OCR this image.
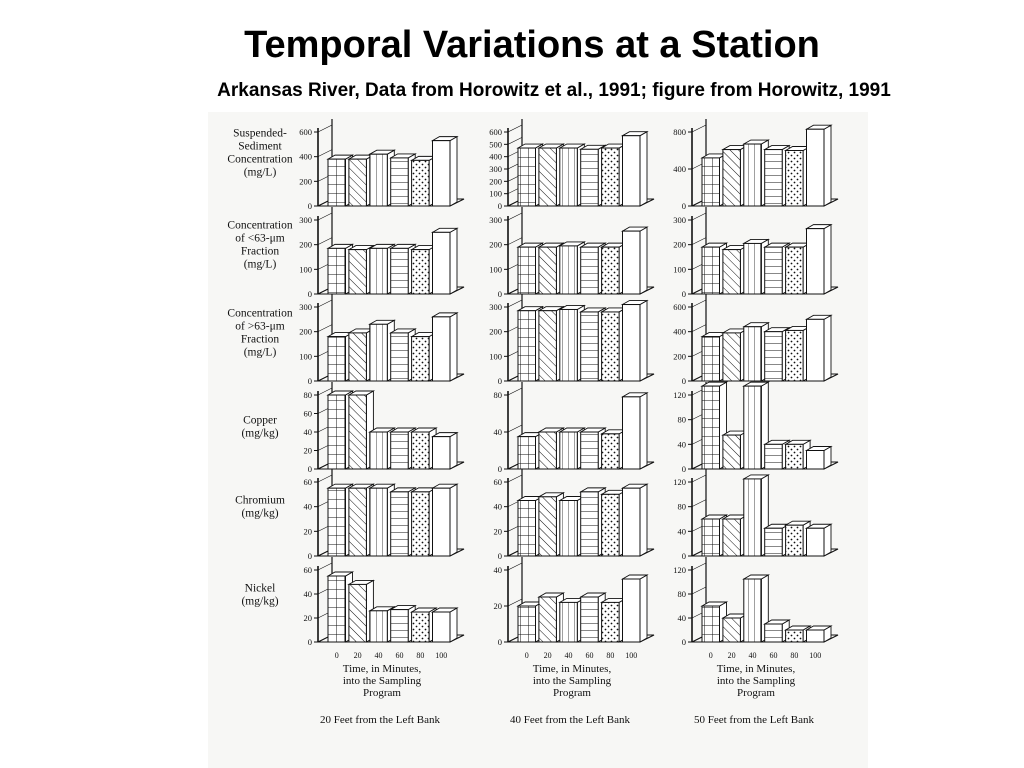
Temporal Variations at a Station
Arkansas River, Data from Horowitz et al., 1991; figure from Horowitz, 1991
Suspended-
Sediment
Concentration
(mg/L)
Concentration
of <63-μm
Fraction
(mg/L)
Concentration
of >63-μm
Fraction
(mg/L)
Copper
(mg/kg)
Chromium
(mg/kg)
Nickel
(mg/kg)
0
200
400
600
0
100
200
300
0
100
200
300
0
20
40
60
80
0
20
40
60
0
20
40
60
0 20 40 60 80 100
Time, in Minutes,
into the Sampling
Program
20 Feet from the Left Bank
0
100
200
300
400
500
600
0
100
200
300
0
100
200
300
0
40
80
0
20
40
60
0
20
40
0 20 40 60 80 100
Time, in Minutes,
into the Sampling
Program
40 Feet from the Left Bank
0
400
800
0
100
200
300
0
200
400
600
0
40
80
120
0
40
80
120
0
40
80
120
0 20 40 60 80 100
Time, in Minutes,
into the Sampling
Program
50 Feet from the Left Bank
